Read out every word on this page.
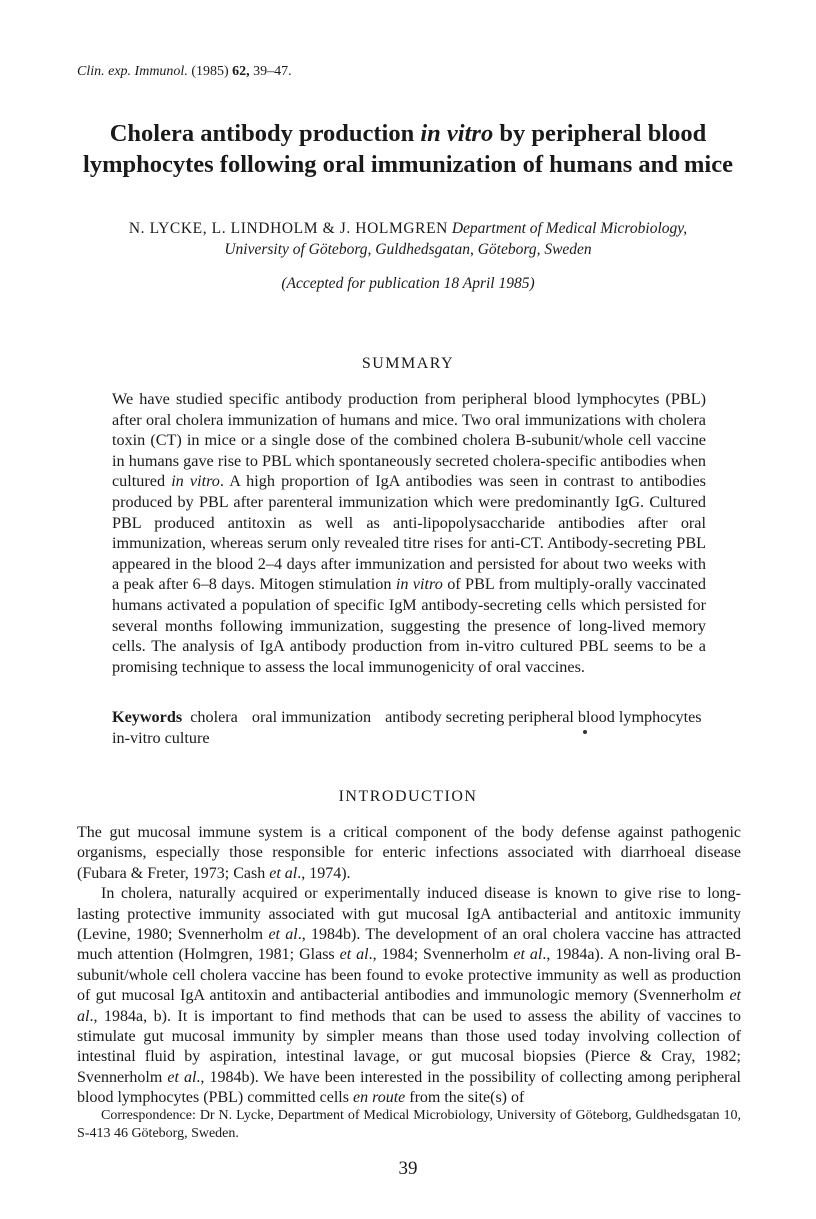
Clin. exp. Immunol. (1985) 62, 39–47.
Cholera antibody production in vitro by peripheral blood
lymphocytes following oral immunization of humans and mice
N. LYCKE, L. LINDHOLM & J. HOLMGREN Department of Medical Microbiology,
University of Göteborg, Guldhedsgatan, Göteborg, Sweden
(Accepted for publication 18 April 1985)
SUMMARY

We have studied specific antibody production from peripheral blood lymphocytes (PBL) after oral cholera immunization of humans and mice. Two oral immunizations with cholera toxin (CT) in mice or a single dose of the combined cholera B-subunit/whole cell vaccine in humans gave rise to PBL which spontaneously secreted cholera-specific antibodies when cultured in vitro. A high proportion of IgA antibodies was seen in contrast to antibodies produced by PBL after parenteral immunization which were predominantly IgG. Cultured PBL produced antitoxin as well as anti-lipopolysaccharide antibodies after oral immunization, whereas serum only revealed titre rises for anti-CT. Antibody-secreting PBL appeared in the blood 2–4 days after immunization and persisted for about two weeks with a peak after 6–8 days. Mitogen stimulation in vitro of PBL from multiply-orally vaccinated humans activated a population of specific IgM antibody-secreting cells which persisted for several months following immunization, suggesting the presence of long-lived memory cells. The analysis of IgA antibody production from in-vitro cultured PBL seems to be a promising technique to assess the local immunogenicity of oral vaccines.

Keywords cholera oral immunization antibody secreting peripheral blood lymphocytes in-vitro culture
INTRODUCTION

The gut mucosal immune system is a critical component of the body defense against pathogenic organisms, especially those responsible for enteric infections associated with diarrhoeal disease (Fubara & Freter, 1973; Cash et al., 1974).

In cholera, naturally acquired or experimentally induced disease is known to give rise to long-lasting protective immunity associated with gut mucosal IgA antibacterial and antitoxic immunity (Levine, 1980; Svennerholm et al., 1984b). The development of an oral cholera vaccine has attracted much attention (Holmgren, 1981; Glass et al., 1984; Svennerholm et al., 1984a). A non-living oral B-subunit/whole cell cholera vaccine has been found to evoke protective immunity as well as production of gut mucosal IgA antitoxin and antibacterial antibodies and immunologic memory (Svennerholm et al., 1984a, b). It is important to find methods that can be used to assess the ability of vaccines to stimulate gut mucosal immunity by simpler means than those used today involving collection of intestinal fluid by aspiration, intestinal lavage, or gut mucosal biopsies (Pierce & Cray, 1982; Svennerholm et al., 1984b). We have been interested in the possibility of collecting among peripheral blood lymphocytes (PBL) committed cells en route from the site(s) of

Correspondence: Dr N. Lycke, Department of Medical Microbiology, University of Göteborg, Guldhedsgatan 10, S-413 46 Göteborg, Sweden.
39
